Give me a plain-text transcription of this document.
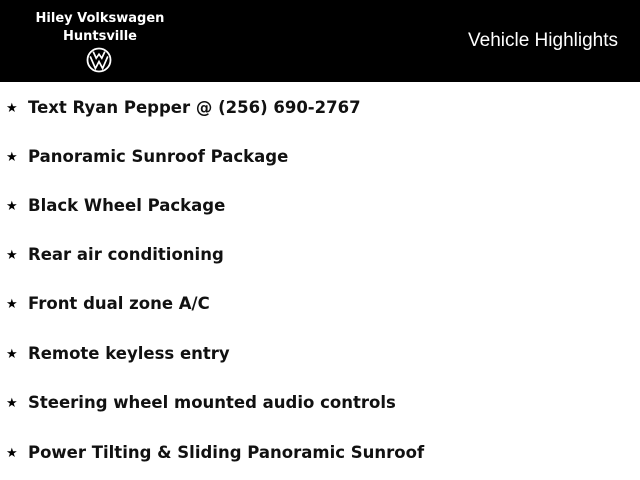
Hiley Volkswagen
Huntsville	Vehicle Highlights
★ Text Ryan Pepper @ (256) 690-2767
★ Panoramic Sunroof Package
★ Black Wheel Package
★ Rear air conditioning
★ Front dual zone A/C
★ Remote keyless entry
★ Steering wheel mounted audio controls
★ Power Tilting & Sliding Panoramic Sunroof
